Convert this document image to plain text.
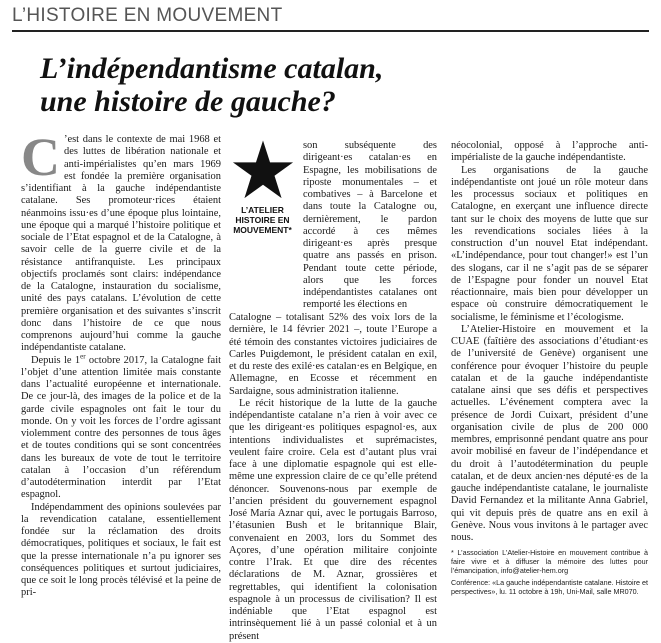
L’HISTOIRE EN MOUVEMENT
L’indépendantisme catalan,
une histoire de gauche?

C ’est dans le contexte de mai 1968 et des luttes de libération nationale et anti-impérialistes qu’en mars 1969 est fondée la première organisation s’identifiant à la gauche indépendantiste catalane. Ses promoteur·rices étaient néanmoins issu·es d’une époque plus lointaine, une époque qui a marqué l’histoire politique et sociale de l’Etat espagnol et de la Catalogne, à savoir celle de la guerre civile et de la résistance antifranquiste. Les principaux objectifs proclamés sont clairs: indépendance de la Catalogne, instauration du socialisme, unité des pays catalans. L’évolution de cette première organisation et des suivantes s’inscrit donc dans l’histoire de ce que nous comprenons aujourd’hui comme la gauche indépendantiste catalane.

Depuis le 1er octobre 2017, la Catalogne fait l’objet d’une attention limitée mais constante dans l’actualité européenne et internationale. De ce jour-là, des images de la police et de la garde civile espagnoles ont fait le tour du monde. On y voit les forces de l’ordre agissant violemment contre des personnes de tous âges et de toutes conditions qui se sont concentrées dans les bureaux de vote de tout le territoire catalan à l’occasion d’un référendum d’autodétermination interdit par l’Etat espagnol.

Indépendamment des opinions soulevées par la revendication catalane, essentiellement fondée sur la réclamation des droits démocratiques, politiques et sociaux, le fait est que la presse internationale n’a pu ignorer ses conséquences politiques et surtout judiciaires, que ce soit le long procès télévisé et la peine de pri-

L’ATELIER
HISTOIRE EN
MOUVEMENT*

son subséquente des dirigeant·es catalan·es en Espagne, les mobilisations de riposte monumentales – et combatives – à Barcelone et dans toute la Catalogne ou, dernièrement, le pardon accordé à ces mêmes dirigeant·es après presque quatre ans passés en prison. Pendant toute cette période, alors que les forces indépendantistes catalanes ont remporté les élections en

Catalogne – totalisant 52% des voix lors de la dernière, le 14 février 2021 –, toute l’Europe a été témoin des constantes victoires judiciaires de Carles Puigdemont, le président catalan en exil, et du reste des exilé·es catalan·es en Belgique, en Allemagne, en Ecosse et récemment en Sardaigne, sous administration italienne.

Le récit historique de la lutte de la gauche indépendantiste catalane n’a rien à voir avec ce que les dirigeant·es politiques espagnol·es, aux intentions individualistes et suprémacistes, veulent faire croire. Cela est d’autant plus vrai face à une diplomatie espagnole qui est elle-même une expression claire de ce qu’elle prétend dénoncer. Souvenons-nous par exemple de l’ancien président du gouvernement espagnol José María Aznar qui, avec le portugais Barroso, l’étasunien Bush et le britannique Blair, convenaient en 2003, lors du Sommet des Açores, d’une opération militaire conjointe contre l’Irak. Et que dire des récentes déclarations de M. Aznar, grossières et regrettables, qui identifient la colonisation espagnole à un processus de civilisation? Il est indéniable que l’Etat espagnol est intrinsèquement lié à un passé colonial et à un présent

néocolonial, opposé à l’approche anti-impérialiste de la gauche indépendantiste.

Les organisations de la gauche indépendantiste ont joué un rôle moteur dans les processus sociaux et politiques en Catalogne, en exerçant une influence directe tant sur le choix des moyens de lutte que sur les revendications sociales liées à la construction d’un nouvel Etat indépendant. «L’indépendance, pour tout changer!» est l’un des slogans, car il ne s’agit pas de se séparer de l’Espagne pour fonder un nouvel Etat réactionnaire, mais bien pour développer un espace où construire démocratiquement le socialisme, le féminisme et l’écologisme.

L’Atelier-Histoire en mouvement et la CUAE (faîtière des associations d’étudiant·es de l’université de Genève) organisent une conférence pour évoquer l’histoire du peuple catalan et de la gauche indépendantiste catalane ainsi que ses défis et perspectives actuelles. L’événement comptera avec la présence de Jordi Cuixart, président d’une organisation civile de plus de 200 000 membres, emprisonné pendant quatre ans pour avoir mobilisé en faveur de l’indépendance et du droit à l’autodétermination du peuple catalan, et de deux ancien·nes député·es de la gauche indépendantiste catalane, le journaliste David Fernandez et la militante Anna Gabriel, qui vit depuis près de quatre ans en exil à Genève. Nous vous invitons à le partager avec nous.

* L’association L’Atelier-Histoire en mouvement contribue à faire vivre et à diffuser la mémoire des luttes pour l’émancipation, info@atelier-hem.org

Conférence: «La gauche indépendantiste catalane. Histoire et perspectives», lu. 11 octobre à 19h, Uni-Mail, salle MR070.
